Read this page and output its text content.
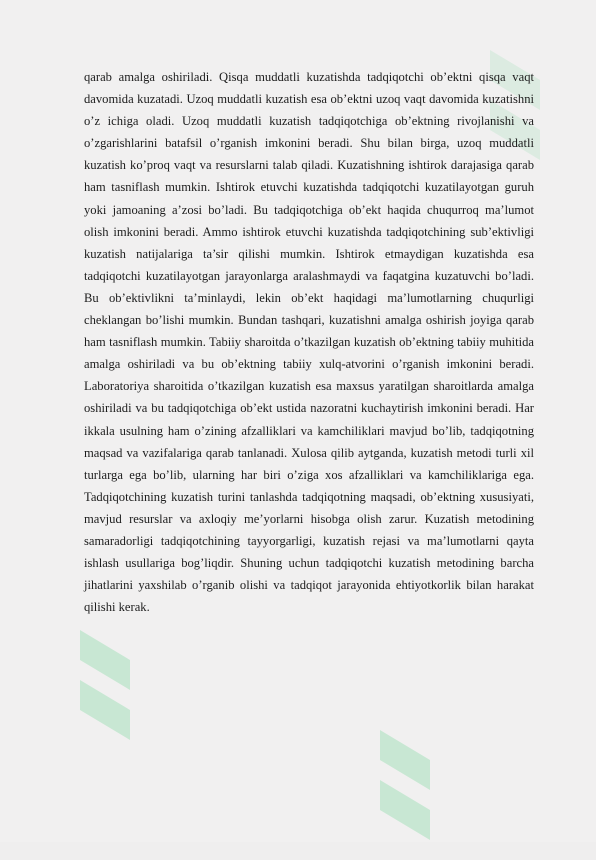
qarab amalga oshiriladi. Qisqa muddatli kuzatishda tadqiqotchi ob’ektni qisqa vaqt davomida kuzatadi. Uzoq muddatli kuzatish esa ob’ektni uzoq vaqt davomida kuzatishni o’z ichiga oladi. Uzoq muddatli kuzatish tadqiqotchiga ob’ektning rivojlanishi va o’zgarishlarini batafsil o’rganish imkonini beradi. Shu bilan birga, uzoq muddatli kuzatish ko’proq vaqt va resurslarni talab qiladi. Kuzatishning ishtirok darajasiga qarab ham tasniflash mumkin. Ishtirok etuvchi kuzatishda tadqiqotchi kuzatilayotgan guruh yoki jamoaning a’zosi bo’ladi. Bu tadqiqotchiga ob’ekt haqida chuqurroq ma’lumot olish imkonini beradi. Ammo ishtirok etuvchi kuzatishda tadqiqotchining sub’ektivligi kuzatish natijalariga ta’sir qilishi mumkin. Ishtirok etmaydigan kuzatishda esa tadqiqotchi kuzatilayotgan jarayonlarga aralashmaydi va faqatgina kuzatuvchi bo’ladi. Bu ob’ektivlikni ta’minlaydi, lekin ob’ekt haqidagi ma’lumotlarning chuqurligi cheklangan bo’lishi mumkin. Bundan tashqari, kuzatishni amalga oshirish joyiga qarab ham tasniflash mumkin. Tabiiy sharoitda o’tkazilgan kuzatish ob’ektning tabiiy muhitida amalga oshiriladi va bu ob’ektning tabiiy xulq-atvorini o’rganish imkonini beradi. Laboratoriya sharoitida o’tkazilgan kuzatish esa maxsus yaratilgan sharoitlarda amalga oshiriladi va bu tadqiqotchiga ob’ekt ustida nazoratni kuchaytirish imkonini beradi. Har ikkala usulning ham o’zining afzalliklari va kamchiliklari mavjud bo’lib, tadqiqotning maqsad va vazifalariga qarab tanlanadi. Xulosa qilib aytganda, kuzatish metodi turli xil turlarga ega bo’lib, ularning har biri o’ziga xos afzalliklari va kamchiliklariga ega. Tadqiqotchining kuzatish turini tanlashda tadqiqotning maqsadi, ob’ektning xususiyati, mavjud resurslar va axloqiy me’yorlarni hisobga olish zarur. Kuzatish metodining samaradorligi tadqiqotchining tayyorgarligi, kuzatish rejasi va ma’lumotlarni qayta ishlash usullariga bog’liqdir. Shuning uchun tadqiqotchi kuzatish metodining barcha jihatlarini yaxshilab o’rganib olishi va tadqiqot jarayonida ehtiyotkorlik bilan harakat qilishi kerak.
